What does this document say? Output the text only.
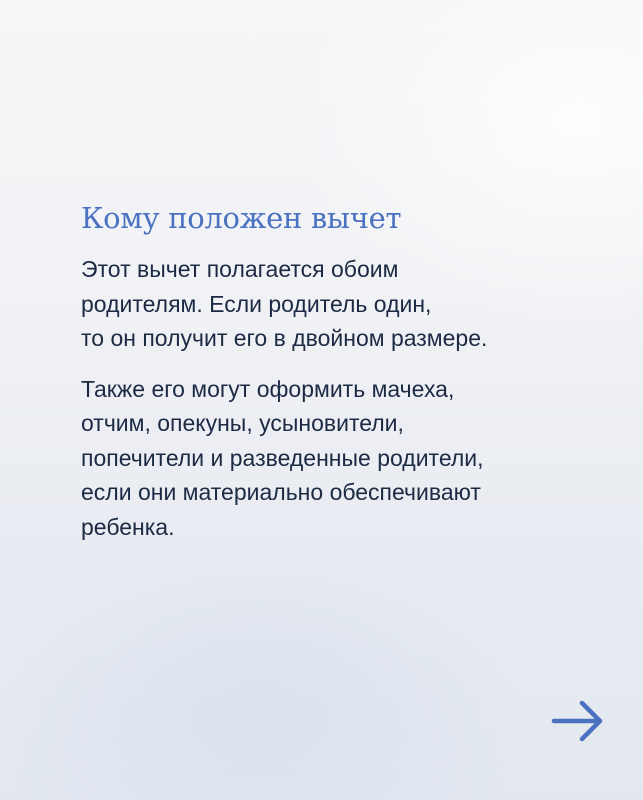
Кому положен вычет

Этот вычет полагается обоим
родителям. Если родитель один,
то он получит его в двойном размере.

Также его могут оформить мачеха,
отчим, опекуны, усыновители,
попечители и разведенные родители,
если они материально обеспечивают
ребенка.
